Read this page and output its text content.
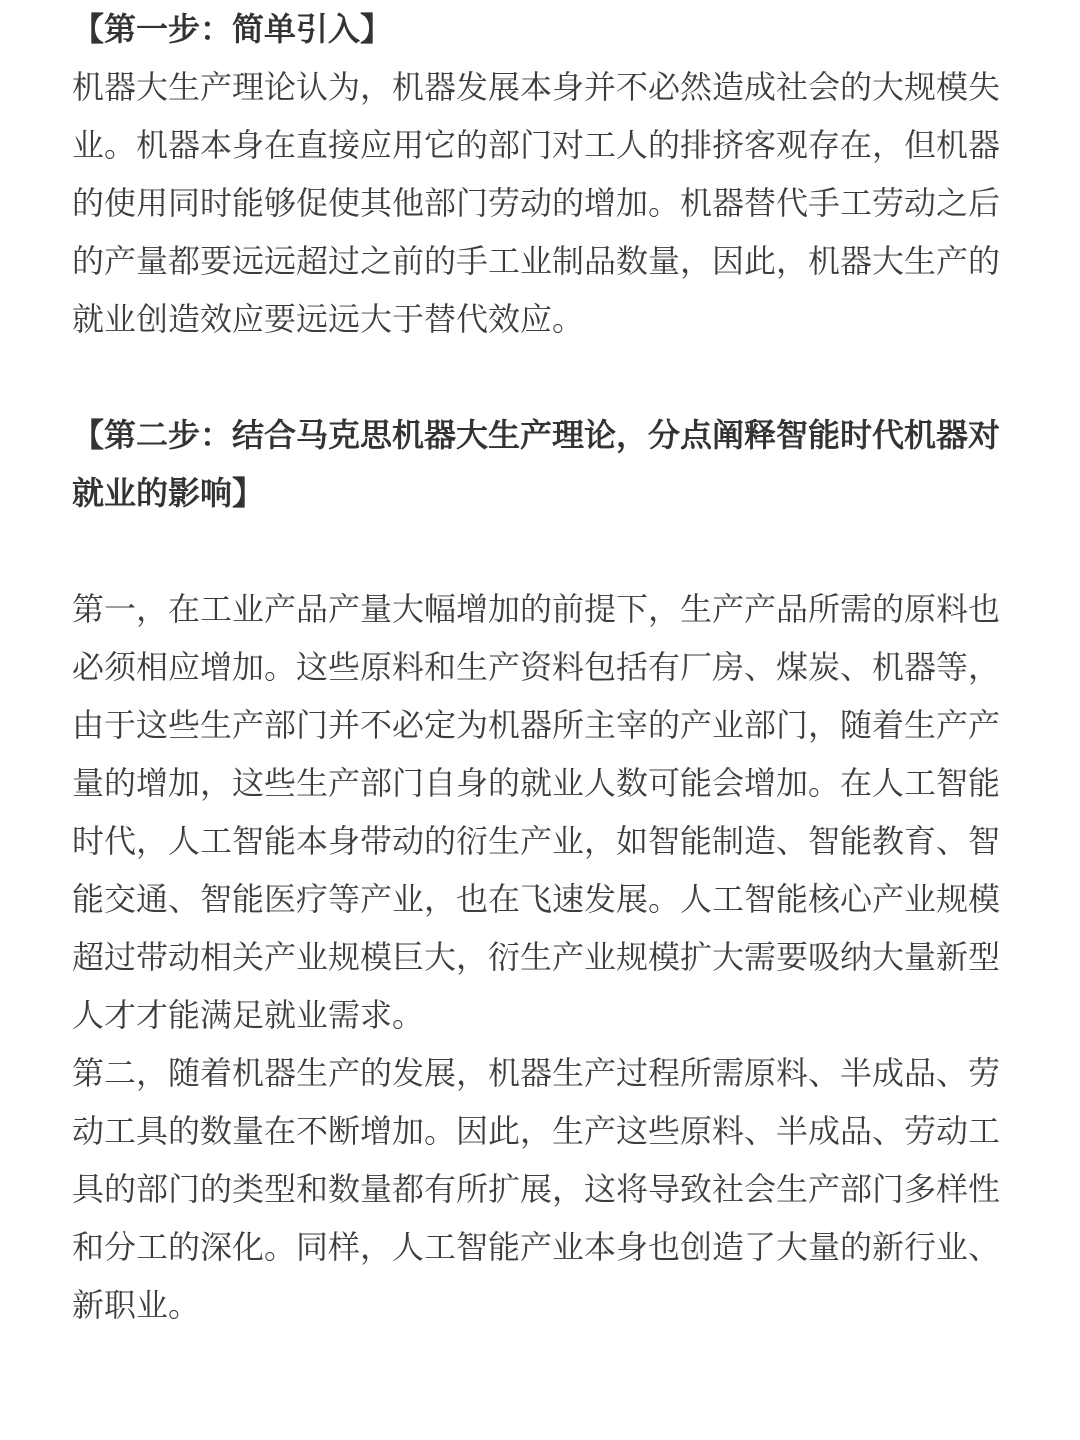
【第一步：简单引入】

机器大生产理论认为，机器发展本身并不必然造成社会的大规模失业。机器本身在直接应用它的部门对工人的排挤客观存在，但机器的使用同时能够促使其他部门劳动的增加。机器替代手工劳动之后的产量都要远远超过之前的手工业制品数量，因此，机器大生产的就业创造效应要远远大于替代效应。

【第二步：结合马克思机器大生产理论，分点阐释智能时代机器对就业的影响】

第一，在工业产品产量大幅增加的前提下，生产产品所需的原料也必须相应增加。这些原料和生产资料包括有厂房、煤炭、机器等，由于这些生产部门并不必定为机器所主宰的产业部门，随着生产产量的增加，这些生产部门自身的就业人数可能会增加。在人工智能时代，人工智能本身带动的衍生产业，如智能制造、智能教育、智能交通、智能医疗等产业，也在飞速发展。人工智能核心产业规模超过带动相关产业规模巨大，衍生产业规模扩大需要吸纳大量新型人才才能满足就业需求。

第二，随着机器生产的发展，机器生产过程所需原料、半成品、劳动工具的数量在不断增加。因此，生产这些原料、半成品、劳动工具的部门的类型和数量都有所扩展，这将导致社会生产部门多样性和分工的深化。同样，人工智能产业本身也创造了大量的新行业、新职业。
